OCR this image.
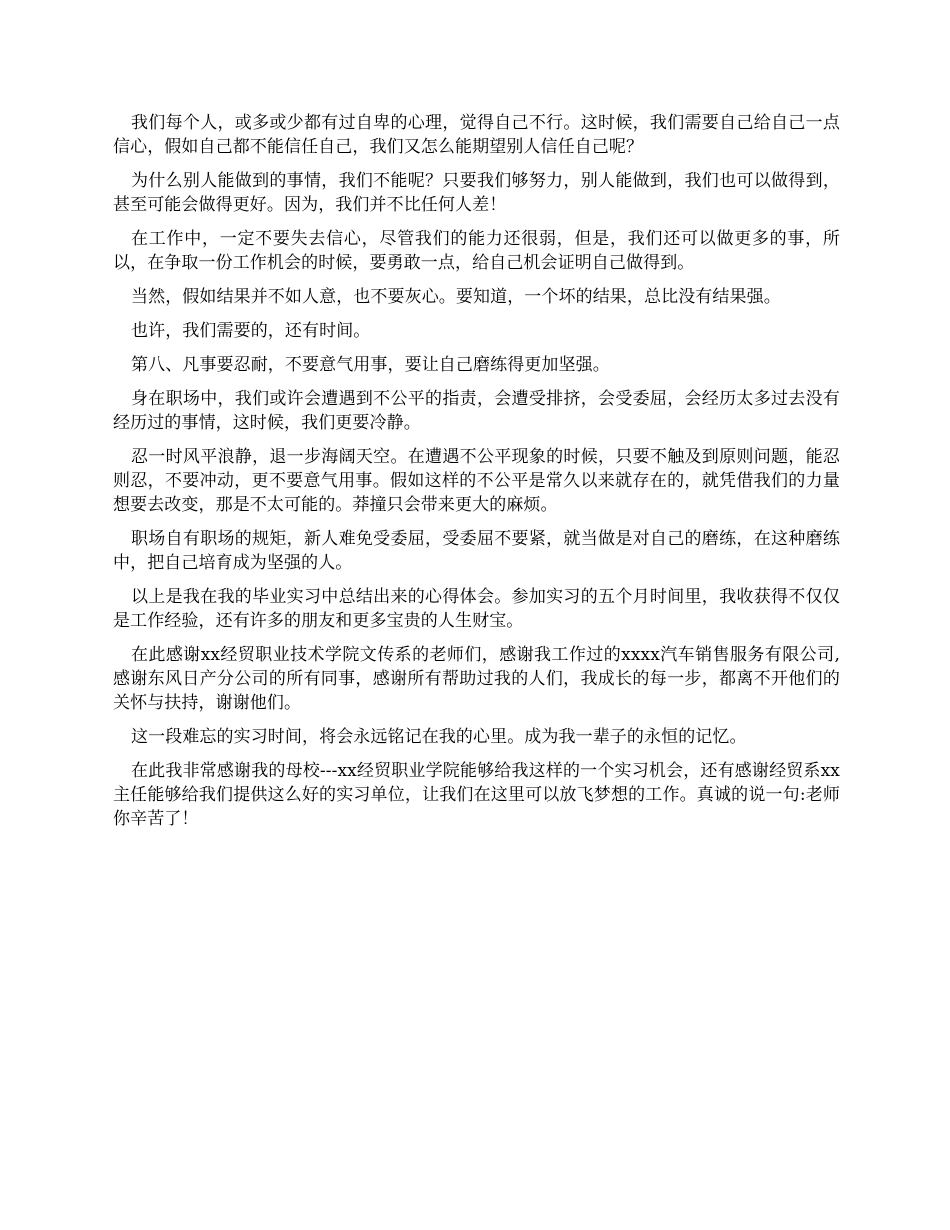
我们每个人，或多或少都有过自卑的心理，觉得自己不行。这时候，我们需要自己给自己一点信心，假如自己都不能信任自己，我们又怎么能期望别人信任自己呢？

为什么别人能做到的事情，我们不能呢？只要我们够努力，别人能做到，我们也可以做得到，甚至可能会做得更好。因为，我们并不比任何人差！

在工作中，一定不要失去信心，尽管我们的能力还很弱，但是，我们还可以做更多的事，所以，在争取一份工作机会的时候，要勇敢一点，给自己机会证明自己做得到。

当然，假如结果并不如人意，也不要灰心。要知道，一个坏的结果，总比没有结果强。

也许，我们需要的，还有时间。

第八、凡事要忍耐，不要意气用事，要让自己磨练得更加坚强。

身在职场中，我们或许会遭遇到不公平的指责，会遭受排挤，会受委屈，会经历太多过去没有经历过的事情，这时候，我们更要冷静。

忍一时风平浪静，退一步海阔天空。在遭遇不公平现象的时候，只要不触及到原则问题，能忍则忍，不要冲动，更不要意气用事。假如这样的不公平是常久以来就存在的，就凭借我们的力量想要去改变，那是不太可能的。莽撞只会带来更大的麻烦。

职场自有职场的规矩，新人难免受委屈，受委屈不要紧，就当做是对自己的磨练，在这种磨练中，把自己培育成为坚强的人。

以上是我在我的毕业实习中总结出来的心得体会。参加实习的五个月时间里，我收获得不仅仅是工作经验，还有许多的朋友和更多宝贵的人生财宝。

在此感谢xx经贸职业技术学院文传系的老师们，感谢我工作过的xxxx汽车销售服务有限公司,感谢东风日产分公司的所有同事，感谢所有帮助过我的人们，我成长的每一步，都离不开他们的关怀与扶持，谢谢他们。

这一段难忘的实习时间，将会永远铭记在我的心里。成为我一辈子的永恒的记忆。

在此我非常感谢我的母校---xx经贸职业学院能够给我这样的一个实习机会，还有感谢经贸系xx主任能够给我们提供这么好的实习单位，让我们在这里可以放飞梦想的工作。真诚的说一句:老师你辛苦了！
